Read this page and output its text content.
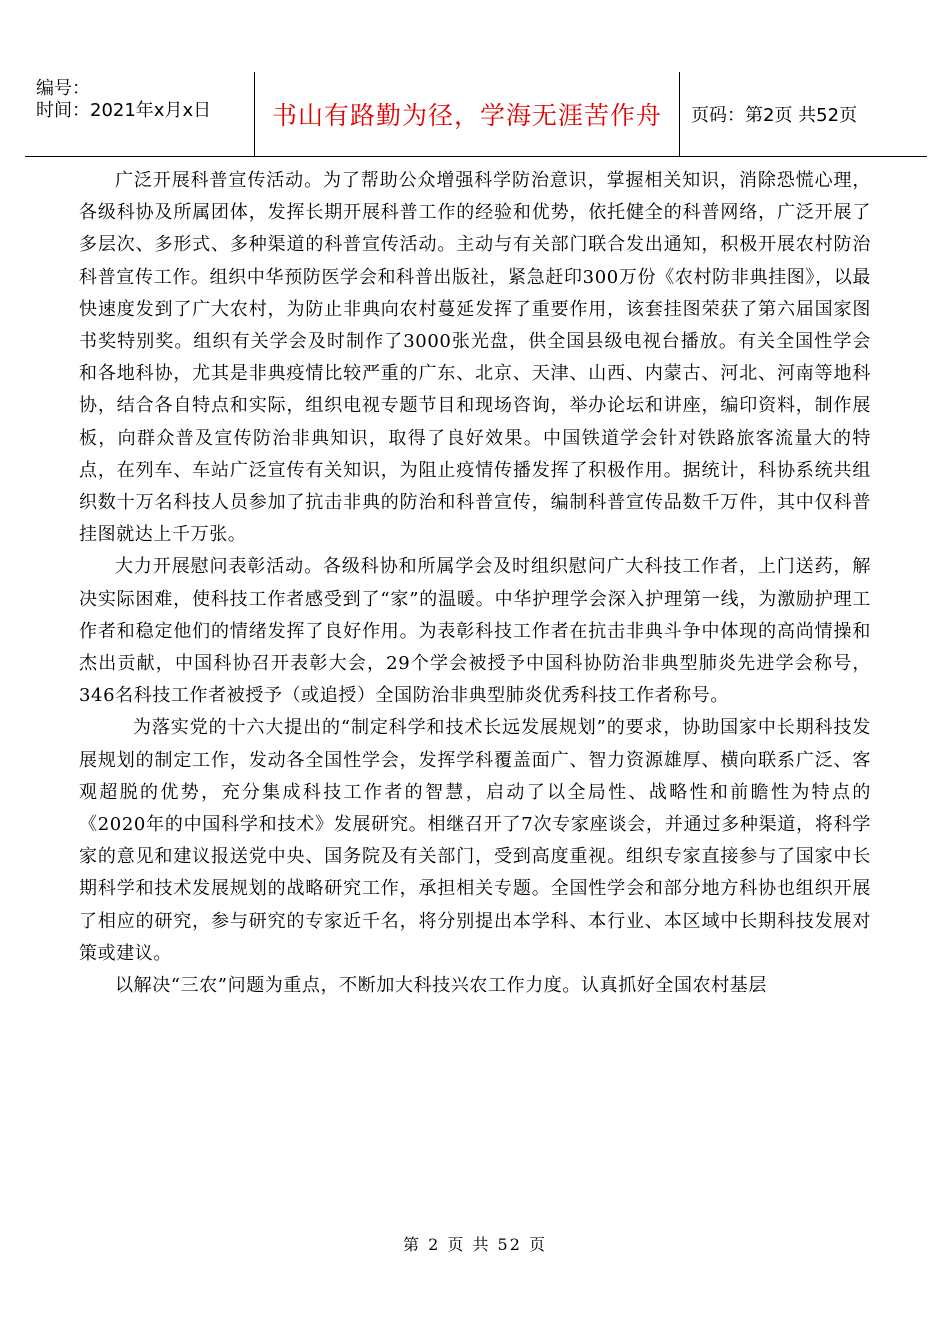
编号：
时间：2021年x月x日	书山有路勤为径，学海无涯苦作舟 页码：第2页 共52页

广泛开展科普宣传活动。为了帮助公众增强科学防治意识，掌握相关知识，消除恐慌心理，各级科协及所属团体，发挥长期开展科普工作的经验和优势，依托健全的科普网络，广泛开展了多层次、多形式、多种渠道的科普宣传活动。主动与有关部门联合发出通知，积极开展农村防治科普宣传工作。组织中华预防医学会和科普出版社，紧急赶印300万份《农村防非典挂图》，以最快速度发到了广大农村，为防止非典向农村蔓延发挥了重要作用，该套挂图荣获了第六届国家图书奖特别奖。组织有关学会及时制作了3000张光盘，供全国县级电视台播放。有关全国性学会和各地科协，尤其是非典疫情比较严重的广东、北京、天津、山西、内蒙古、河北、河南等地科协，结合各自特点和实际，组织电视专题节目和现场咨询，举办论坛和讲座，编印资料，制作展板，向群众普及宣传防治非典知识，取得了良好效果。中国铁道学会针对铁路旅客流量大的特点，在列车、车站广泛宣传有关知识，为阻止疫情传播发挥了积极作用。据统计，科协系统共组织数十万名科技人员参加了抗击非典的防治和科普宣传，编制科普宣传品数千万件，其中仅科普挂图就达上千万张。

大力开展慰问表彰活动。各级科协和所属学会及时组织慰问广大科技工作者，上门送药，解决实际困难，使科技工作者感受到了“家”的温暖。中华护理学会深入护理第一线，为激励护理工作者和稳定他们的情绪发挥了良好作用。为表彰科技工作者在抗击非典斗争中体现的高尚情操和杰出贡献，中国科协召开表彰大会，29个学会被授予中国科协防治非典型肺炎先进学会称号，346名科技工作者被授予（或追授）全国防治非典型肺炎优秀科技工作者称号。

为落实党的十六大提出的“制定科学和技术长远发展规划”的要求，协助国家中长期科技发展规划的制定工作，发动各全国性学会，发挥学科覆盖面广、智力资源雄厚、横向联系广泛、客观超脱的优势，充分集成科技工作者的智慧，启动了以全局性、战略性和前瞻性为特点的《2020年的中国科学和技术》发展研究。相继召开了7次专家座谈会，并通过多种渠道，将科学家的意见和建议报送党中央、国务院及有关部门，受到高度重视。组织专家直接参与了国家中长期科学和技术发展规划的战略研究工作，承担相关专题。全国性学会和部分地方科协也组织开展了相应的研究，参与研究的专家近千名，将分别提出本学科、本行业、本区域中长期科技发展对策或建议。

以解决“三农”问题为重点，不断加大科技兴农工作力度。认真抓好全国农村基层

第 2 页 共 52 页
